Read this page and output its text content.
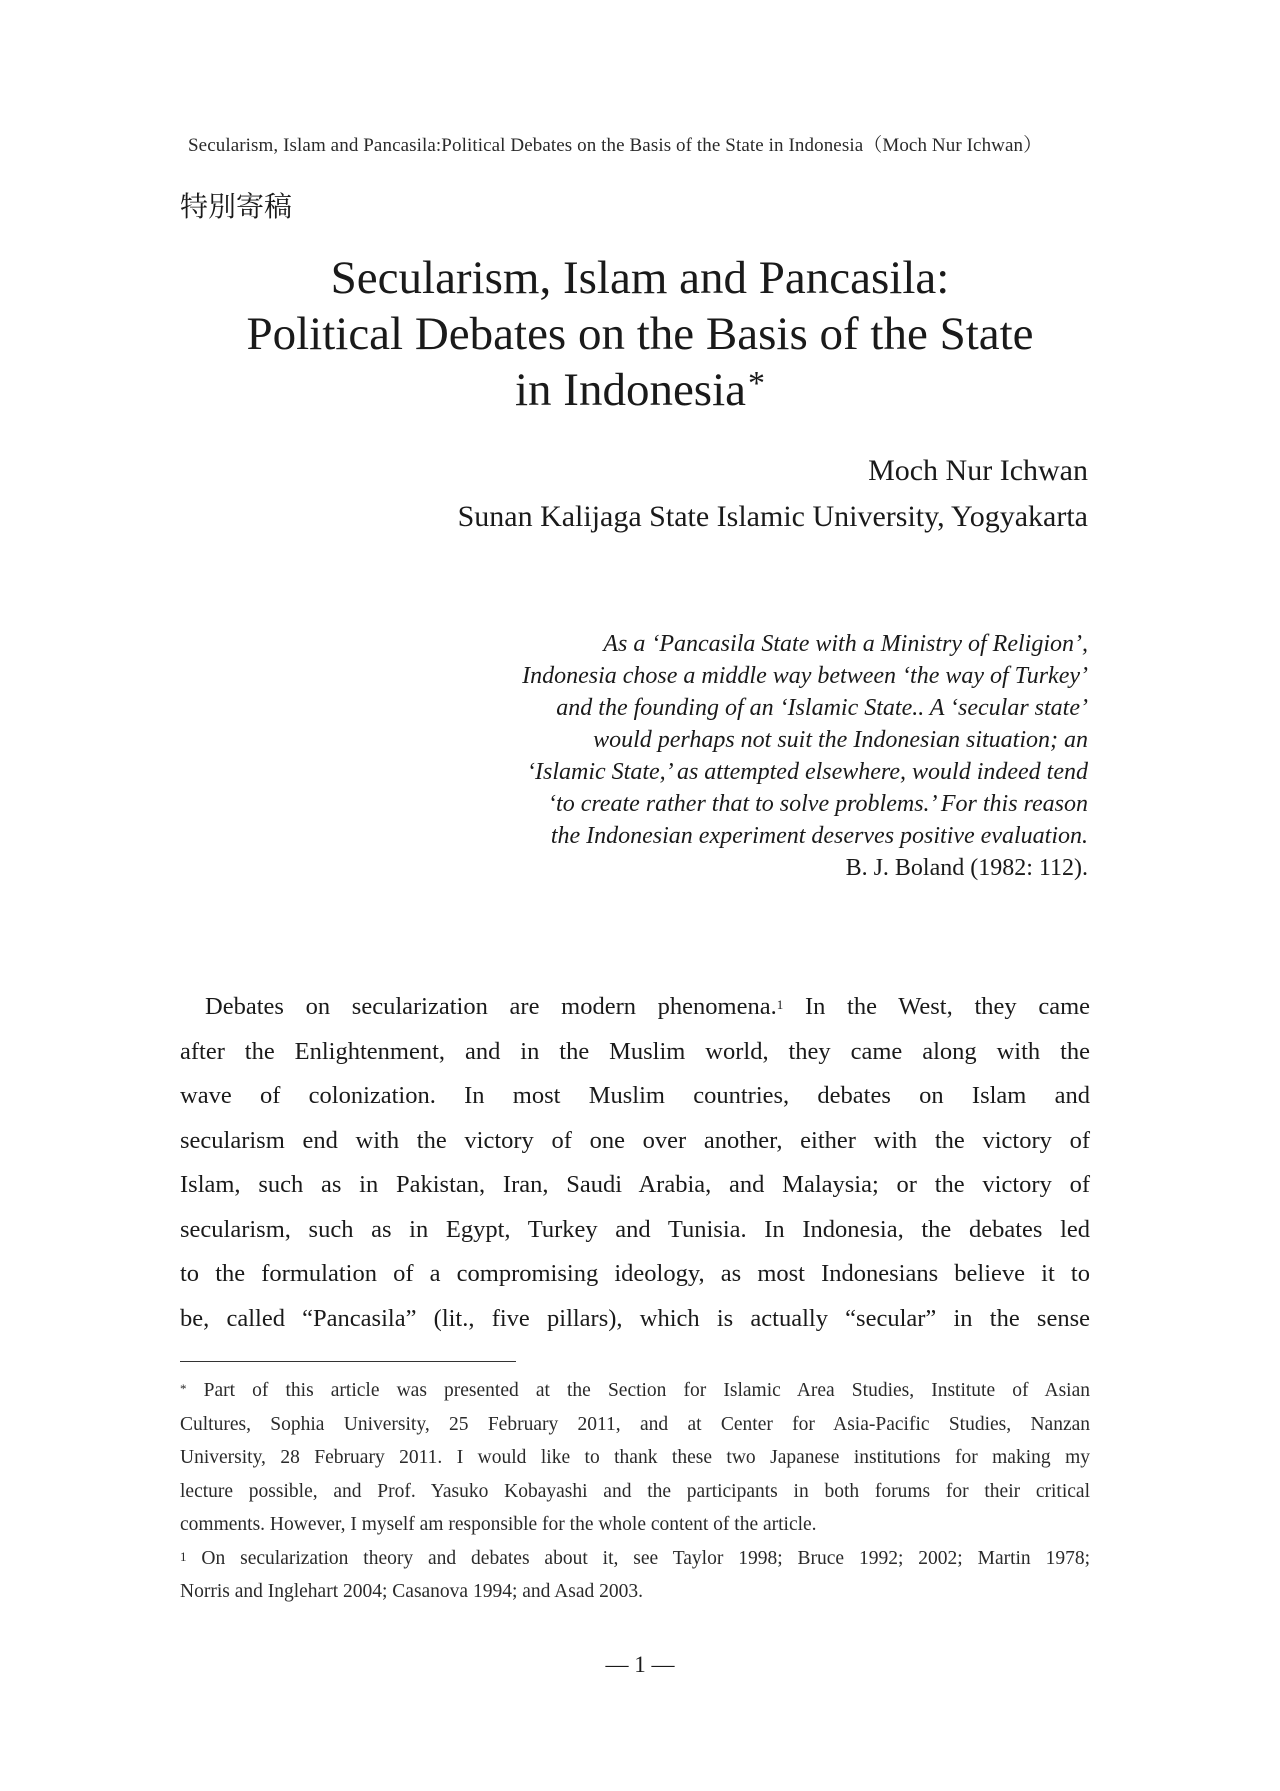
Secularism, Islam and Pancasila:Political Debates on the Basis of the State in Indonesia（Moch Nur Ichwan）
特別寄稿
Secularism, Islam and Pancasila:
Political Debates on the Basis of the State
in Indonesia*
Moch Nur Ichwan
Sunan Kalijaga State Islamic University, Yogyakarta
As a ‘Pancasila State with a Ministry of Religion’,
Indonesia chose a middle way between ‘the way of Turkey’
and the founding of an ‘Islamic State.. A ‘secular state’
would perhaps not suit the Indonesian situation; an
‘Islamic State,’ as attempted elsewhere, would indeed tend
‘to create rather that to solve problems.’ For this reason
the Indonesian experiment deserves positive evaluation.
B. J. Boland (1982: 112).
Debates on secularization are modern phenomena.$^1$ In the West, they came
after the Enlightenment, and in the Muslim world, they came along with the
wave of colonization. In most Muslim countries, debates on Islam and
secularism end with the victory of one over another, either with the victory of
Islam, such as in Pakistan, Iran, Saudi Arabia, and Malaysia; or the victory of
secularism, such as in Egypt, Turkey and Tunisia. In Indonesia, the debates led
to the formulation of a compromising ideology, as most Indonesians believe it to
be, called “Pancasila” (lit., five pillars), which is actually “secular” in the sense
* Part of this article was presented at the Section for Islamic Area Studies, Institute of Asian
Cultures, Sophia University, 25 February 2011, and at Center for Asia-Pacific Studies, Nanzan
University, 28 February 2011. I would like to thank these two Japanese institutions for making my
lecture possible, and Prof. Yasuko Kobayashi and the participants in both forums for their critical
comments. However, I myself am responsible for the whole content of the article.
$^1$ On secularization theory and debates about it, see Taylor 1998; Bruce 1992; 2002; Martin 1978;
Norris and Inglehart 2004; Casanova 1994; and Asad 2003.
— 1 —
